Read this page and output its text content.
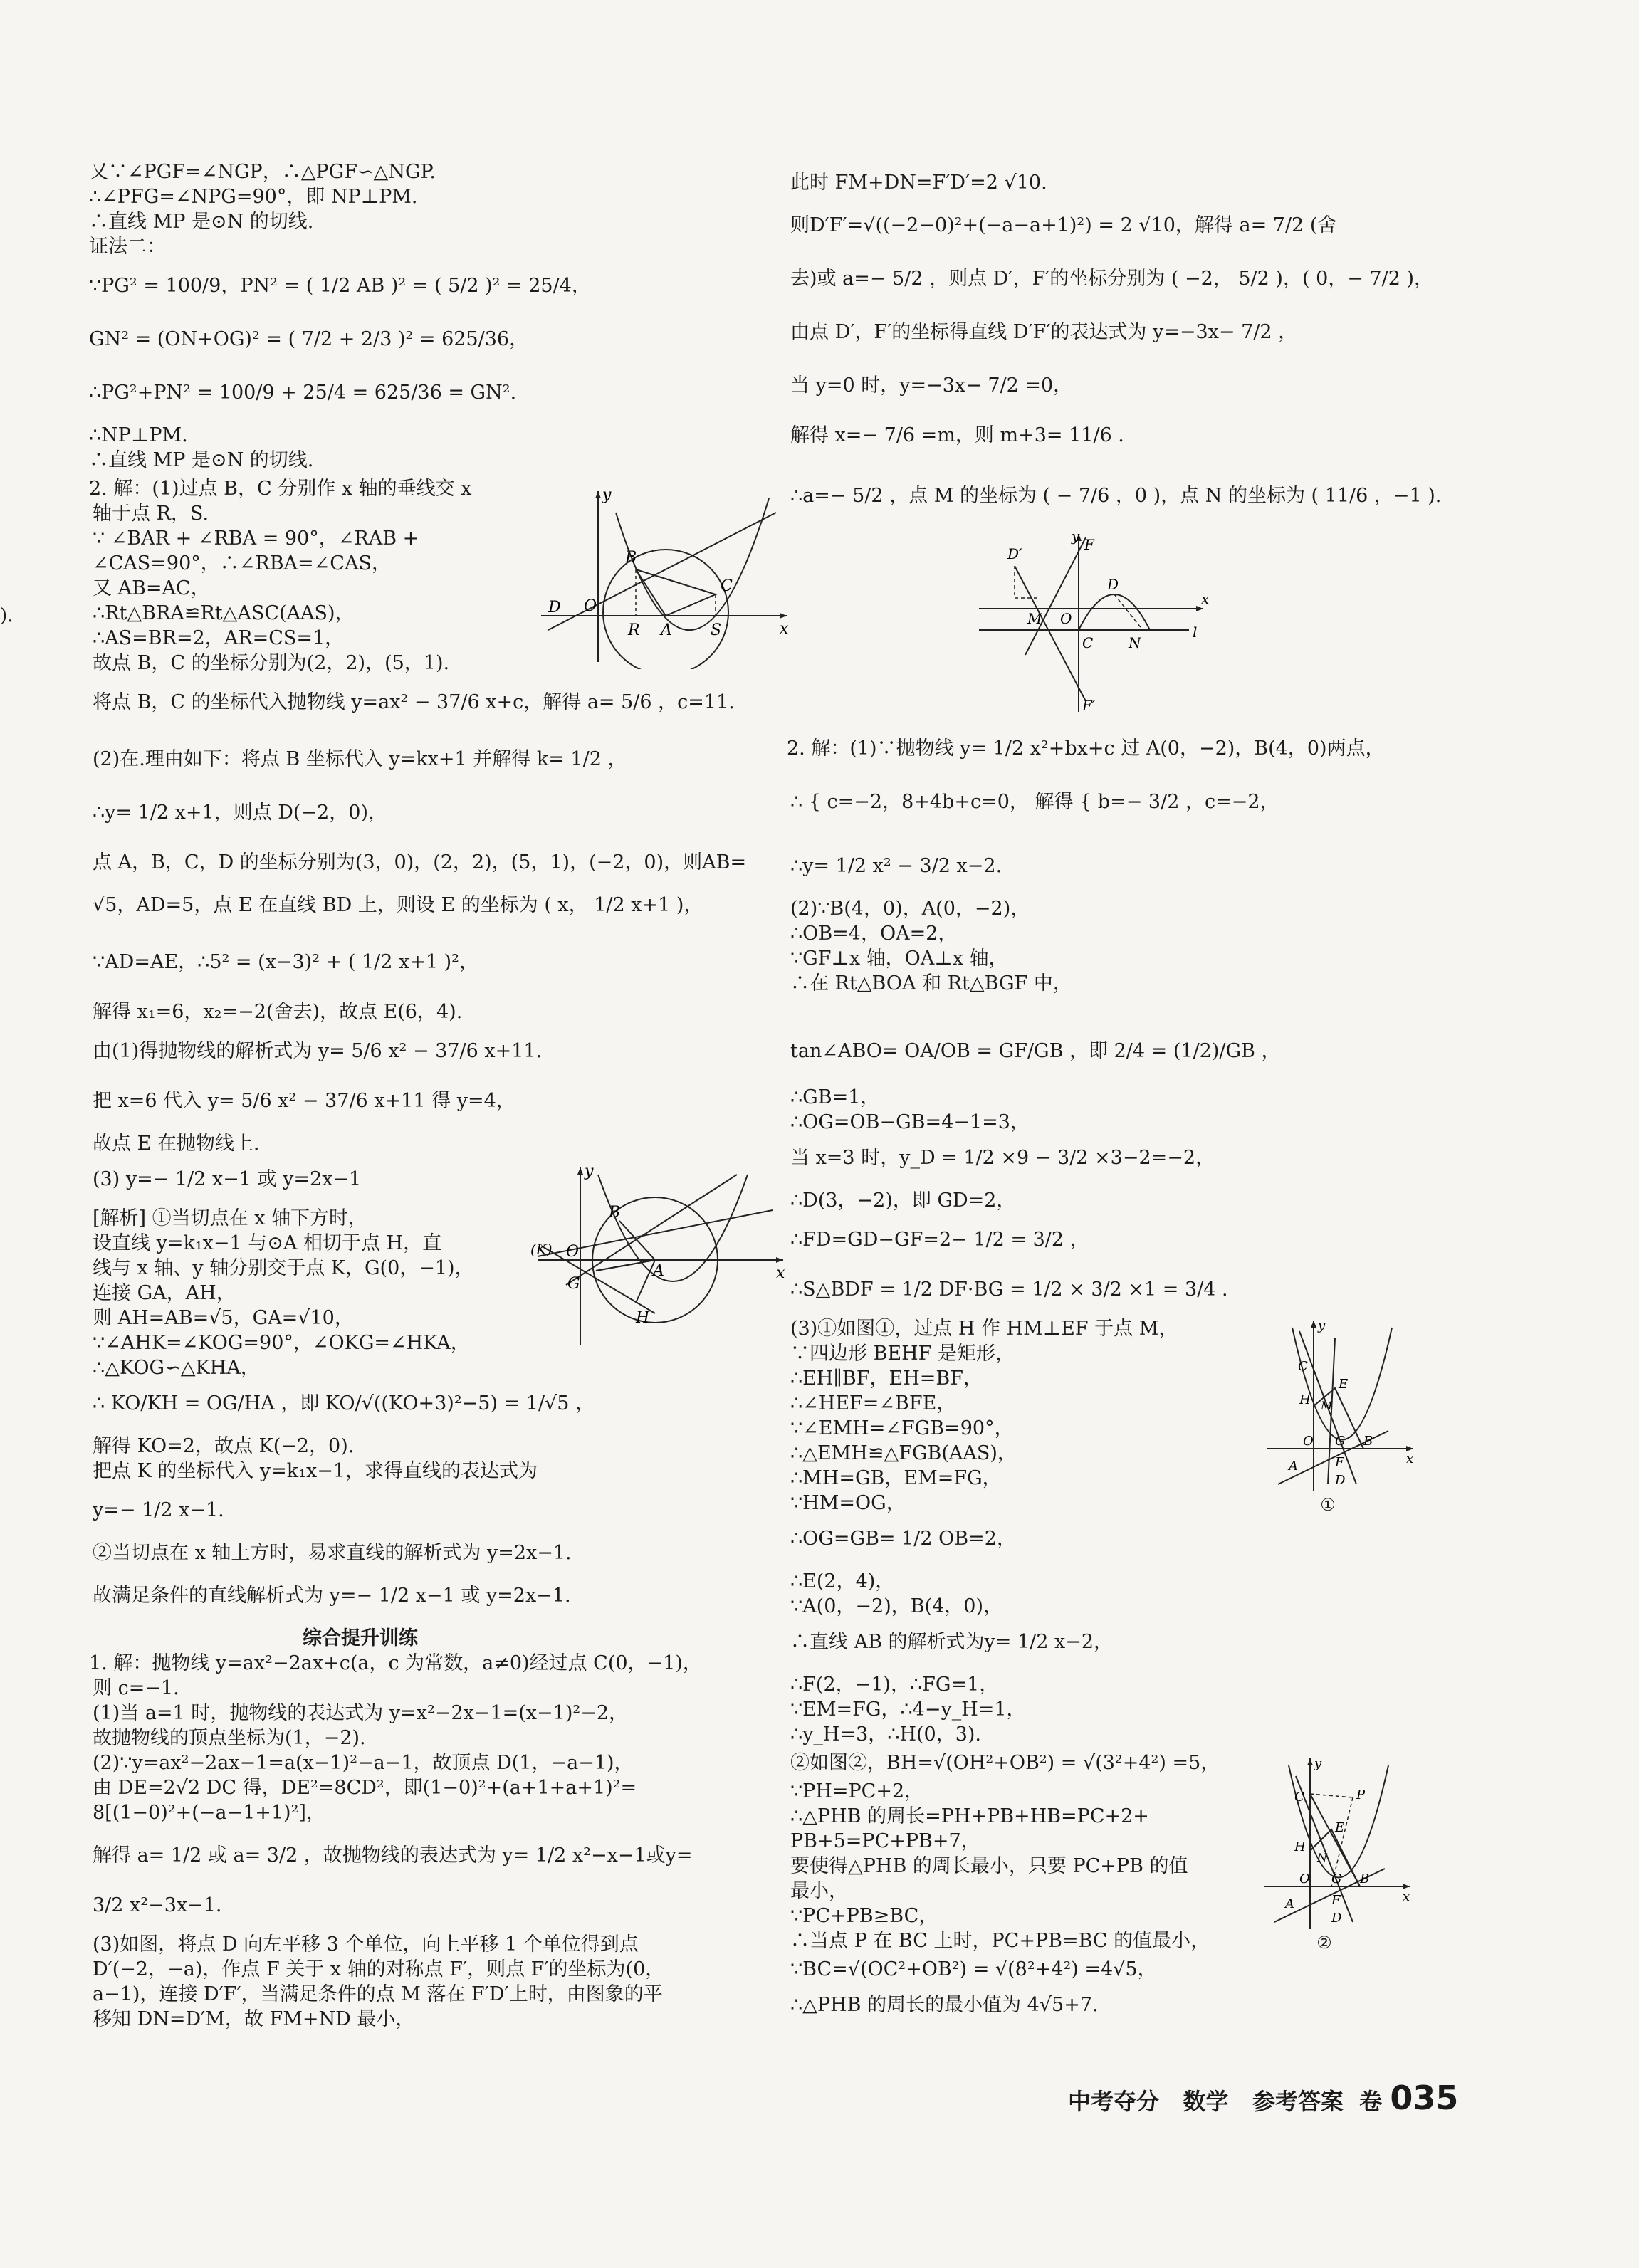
).
又∵∠PGF=∠NGP，∴△PGF∽△NGP.
∴∠PFG=∠NPG=90°，即 NP⊥PM.
∴直线 MP 是⊙N 的切线.
证法二：
∵PG² = 100/9，PN² = ( 1/2 AB )² = ( 5/2 )² = 25/4，
GN² = (ON+OG)² = ( 7/2 + 2/3 )² = 625/36，
∴PG²+PN² = 100/9 + 25/4 = 625/36 = GN².
∴NP⊥PM.
∴直线 MP 是⊙N 的切线.
2. 解：(1)过点 B，C 分别作 x 轴的垂线交 x
轴于点 R，S.
∵ ∠BAR + ∠RBA = 90°，∠RAB +
∠CAS=90°，∴∠RBA=∠CAS，
又 AB=AC，
∴Rt△BRA≌Rt△ASC(AAS)，
∴AS=BR=2，AR=CS=1，
故点 B，C 的坐标分别为(2，2)，(5，1).
将点 B，C 的坐标代入抛物线 y=ax² − 37/6 x+c，解得 a= 5/6 ，c=11.
(2)在.理由如下：将点 B 坐标代入 y=kx+1 并解得 k= 1/2 ，
∴y= 1/2 x+1，则点 D(−2，0)，
点 A，B，C，D 的坐标分别为(3，0)，(2，2)，(5，1)，(−2，0)，则AB=
√5，AD=5，点 E 在直线 BD 上，则设 E 的坐标为 ( x， 1/2 x+1 )，
∵AD=AE，∴5² = (x−3)² + ( 1/2 x+1 )²，
解得 x₁=6，x₂=−2(舍去)，故点 E(6，4).
由(1)得抛物线的解析式为 y= 5/6 x² − 37/6 x+11.
把 x=6 代入 y= 5/6 x² − 37/6 x+11 得 y=4，
故点 E 在抛物线上.
(3) y=− 1/2 x−1 或 y=2x−1
[解析] ①当切点在 x 轴下方时，
设直线 y=k₁x−1 与⊙A 相切于点 H，直
线与 x 轴、y 轴分别交于点 K，G(0，−1)，
连接 GA，AH，
则 AH=AB=√5，GA=√10，
∵∠AHK=∠KOG=90°，∠OKG=∠HKA，
∴△KOG∽△KHA，
∴ KO/KH = OG/HA ，即 KO/√((KO+3)²−5) = 1/√5 ，
解得 KO=2，故点 K(−2，0).
把点 K 的坐标代入 y=k₁x−1，求得直线的表达式为
y=− 1/2 x−1.
②当切点在 x 轴上方时，易求直线的解析式为 y=2x−1.
故满足条件的直线解析式为 y=− 1/2 x−1 或 y=2x−1.
综合提升训练
1. 解：抛物线 y=ax²−2ax+c(a，c 为常数，a≠0)经过点 C(0，−1)，
则 c=−1.
(1)当 a=1 时，抛物线的表达式为 y=x²−2x−1=(x−1)²−2，
故抛物线的顶点坐标为(1，−2).
(2)∵y=ax²−2ax−1=a(x−1)²−a−1，故顶点 D(1，−a−1)，
由 DE=2√2 DC 得，DE²=8CD²，即(1−0)²+(a+1+a+1)²=
8[(1−0)²+(−a−1+1)²]，
解得 a= 1/2 或 a= 3/2 ，故抛物线的表达式为 y= 1/2 x²−x−1或y=
3/2 x²−3x−1.
(3)如图，将点 D 向左平移 3 个单位，向上平移 1 个单位得到点
D′(−2，−a)，作点 F 关于 x 轴的对称点 F′，则点 F′的坐标为(0，
a−1)，连接 D′F′，当满足条件的点 M 落在 F′D′上时，由图象的平
移知 DN=D′M，故 FM+ND 最小，
y
B
C
D O
R A S	x
y
B
A
(K) O
G
H
x
此时 FM+DN=F′D′=2 √10.
则D′F′=√((−2−0)²+(−a−a+1)²) = 2 √10，解得 a= 7/2 (舍
去)或 a=− 5/2 ，则点 D′，F′的坐标分别为 ( −2， 5/2 )，( 0，− 7/2 )，
由点 D′，F′的坐标得直线 D′F′的表达式为 y=−3x− 7/2 ，
当 y=0 时，y=−3x− 7/2 =0，
解得 x=− 7/6 =m，则 m+3= 11/6 .
∴a=− 5/2 ，点 M 的坐标为 ( − 7/6 ，0 )，点 N 的坐标为 ( 11/6 ，−1 ).
D′
F
y
D
M O
C N
l
x
F′
2. 解：(1)∵抛物线 y= 1/2 x²+bx+c 过 A(0，−2)，B(4，0)两点，
∴ { c=−2，8+4b+c=0， 解得 { b=− 3/2 ，c=−2，
∴y= 1/2 x² − 3/2 x−2.
(2)∵B(4，0)，A(0，−2)，
∴OB=4，OA=2，
∵GF⊥x 轴，OA⊥x 轴，
∴在 Rt△BOA 和 Rt△BGF 中，
tan∠ABO= OA/OB = GF/GB ，即 2/4 = (1/2)/GB ，
∴GB=1，
∴OG=OB−GB=4−1=3，
当 x=3 时，y_D = 1/2 ×9 − 3/2 ×3−2=−2，
∴D(3，−2)，即 GD=2，
∴FD=GD−GF=2− 1/2 = 3/2 ，
∴S△BDF = 1/2 DF·BG = 1/2 × 3/2 ×1 = 3/4 .
(3)①如图①，过点 H 作 HM⊥EF 于点 M，
∵四边形 BEHF 是矩形，
∴EH∥BF，EH=BF，
∴∠HEF=∠BFE，
∵∠EMH=∠FGB=90°，
∴△EMH≌△FGB(AAS)，
∴MH=GB，EM=FG，
∵HM=OG，
∴OG=GB= 1/2 OB=2，
∴E(2，4)，
∵A(0，−2)，B(4，0)，
∴直线 AB 的解析式为y= 1/2 x−2，
∴F(2，−1)，∴FG=1，
∵EM=FG，∴4−y_H=1，
∴y_H=3，∴H(0，3).
②如图②，BH=√(OH²+OB²) = √(3²+4²) =5，
∵PH=PC+2，
∴△PHB 的周长=PH+PB+HB=PC+2+
PB+5=PC+PB+7，
要使得△PHB 的周长最小，只要 PC+PB 的值
最小，
∵PC+PB≥BC，
∴当点 P 在 BC 上时，PC+PB=BC 的值最小，
∵BC=√(OC²+OB²) = √(8²+4²) =4√5，
∴△PHB 的周长的最小值为 4√5+7.
y
C
E
H M
O G B
A	F
D
x
①
y
C	P
E
H
N
O G B
A	F
D
x
②
中考夺分 数学 参考答案 卷 035
